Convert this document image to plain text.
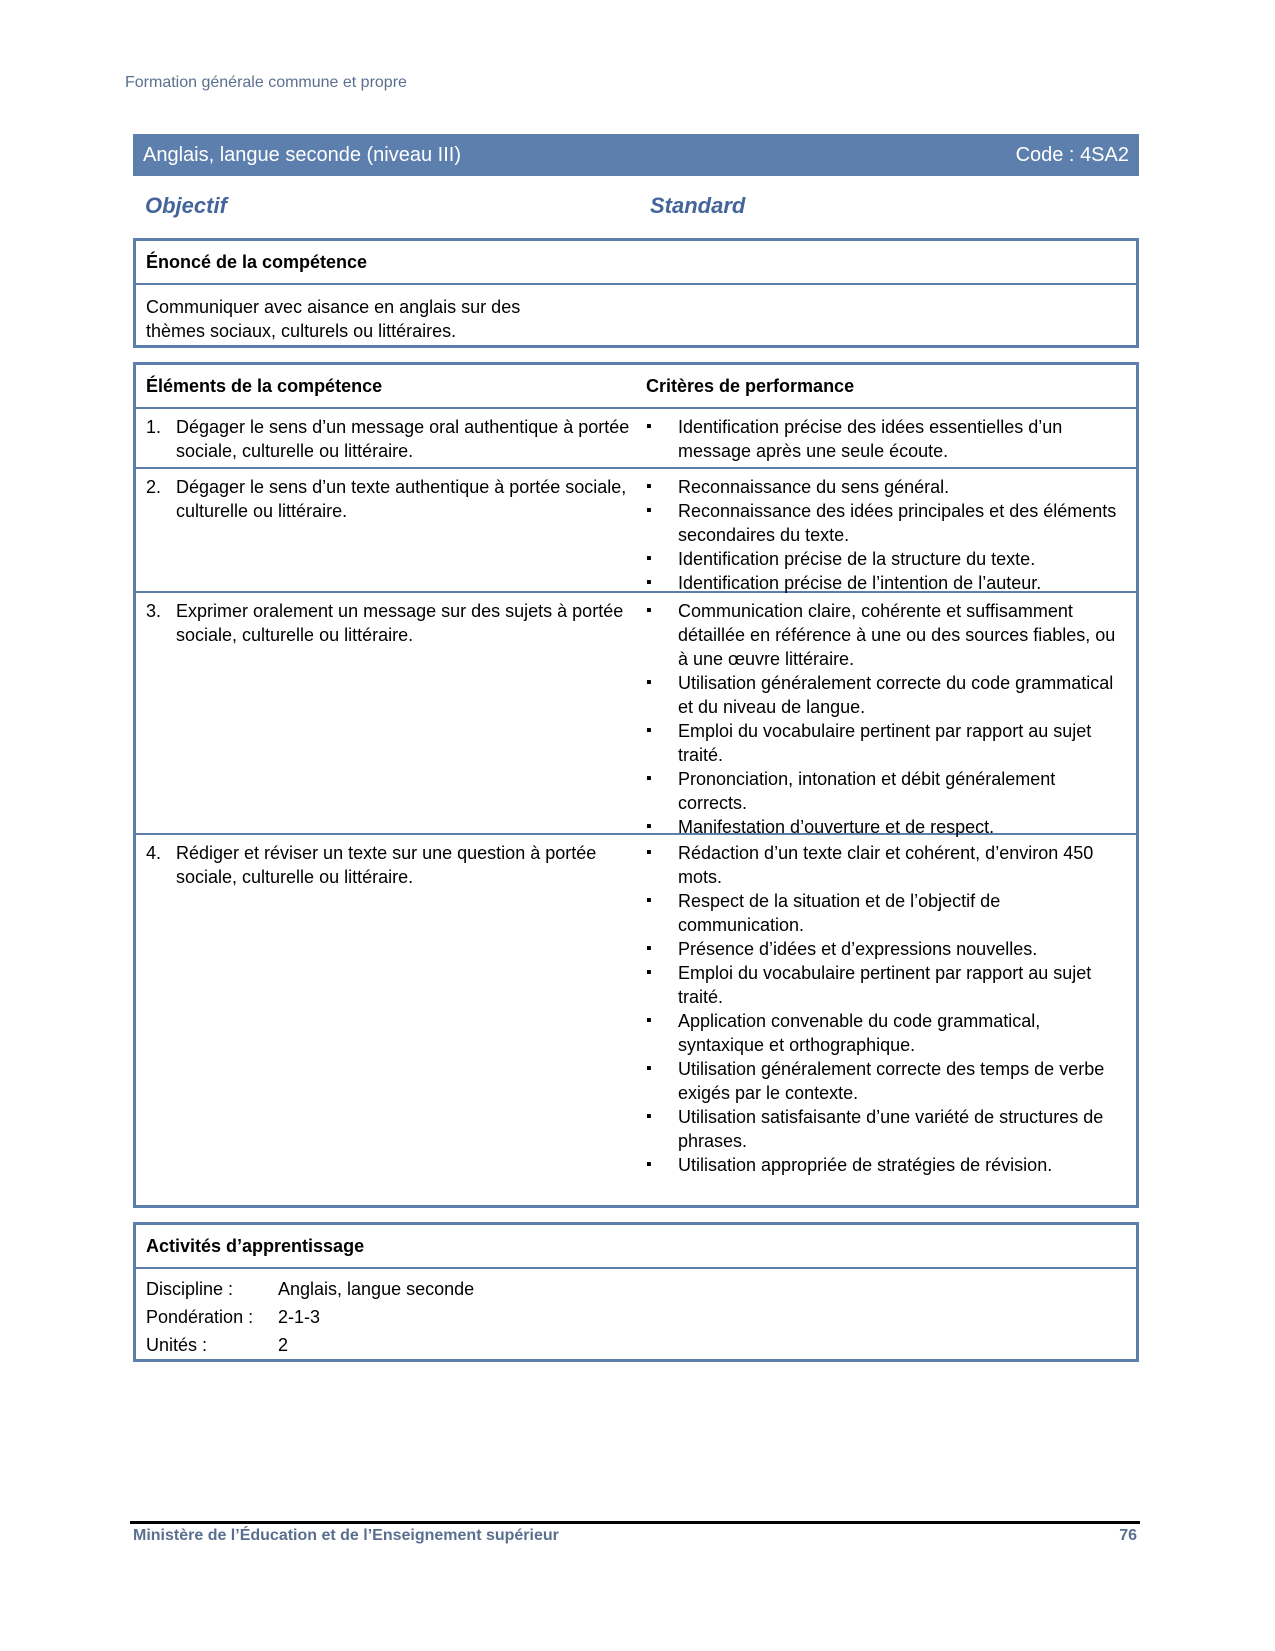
Formation générale commune et propre
Anglais, langue seconde (niveau III)	Code : 4SA2
Objectif	Standard
Énoncé de la compétence
Communiquer avec aisance en anglais sur des thèmes sociaux, culturels ou littéraires.
Éléments de la compétence	Critères de performance
1. Dégager le sens d’un message oral authentique à portée sociale, culturelle ou littéraire.
▪	Identification précise des idées essentielles d’un message après une seule écoute.
2. Dégager le sens d’un texte authentique à portée sociale, culturelle ou littéraire.
▪	Reconnaissance du sens général.
▪	Reconnaissance des idées principales et des éléments secondaires du texte.
▪	Identification précise de la structure du texte.
▪	Identification précise de l’intention de l’auteur.
3. Exprimer oralement un message sur des sujets à portée sociale, culturelle ou littéraire.
▪	Communication claire, cohérente et suffisamment détaillée en référence à une ou des sources fiables, ou à une œuvre littéraire.
▪	Utilisation généralement correcte du code grammatical et du niveau de langue.
▪	Emploi du vocabulaire pertinent par rapport au sujet traité.
▪	Prononciation, intonation et débit généralement corrects.
▪	Manifestation d’ouverture et de respect.
4. Rédiger et réviser un texte sur une question à portée sociale, culturelle ou littéraire.
▪	Rédaction d’un texte clair et cohérent, d’environ 450 mots.
▪	Respect de la situation et de l’objectif de communication.
▪	Présence d’idées et d’expressions nouvelles.
▪	Emploi du vocabulaire pertinent par rapport au sujet traité.
▪	Application convenable du code grammatical, syntaxique et orthographique.
▪	Utilisation généralement correcte des temps de verbe exigés par le contexte.
▪	Utilisation satisfaisante d’une variété de structures de phrases.
▪	Utilisation appropriée de stratégies de révision.
Activités d’apprentissage
Discipline :	Anglais, langue seconde
Pondération :	2-1-3
Unités :	2
Ministère de l’Éducation et de l’Enseignement supérieur	76
